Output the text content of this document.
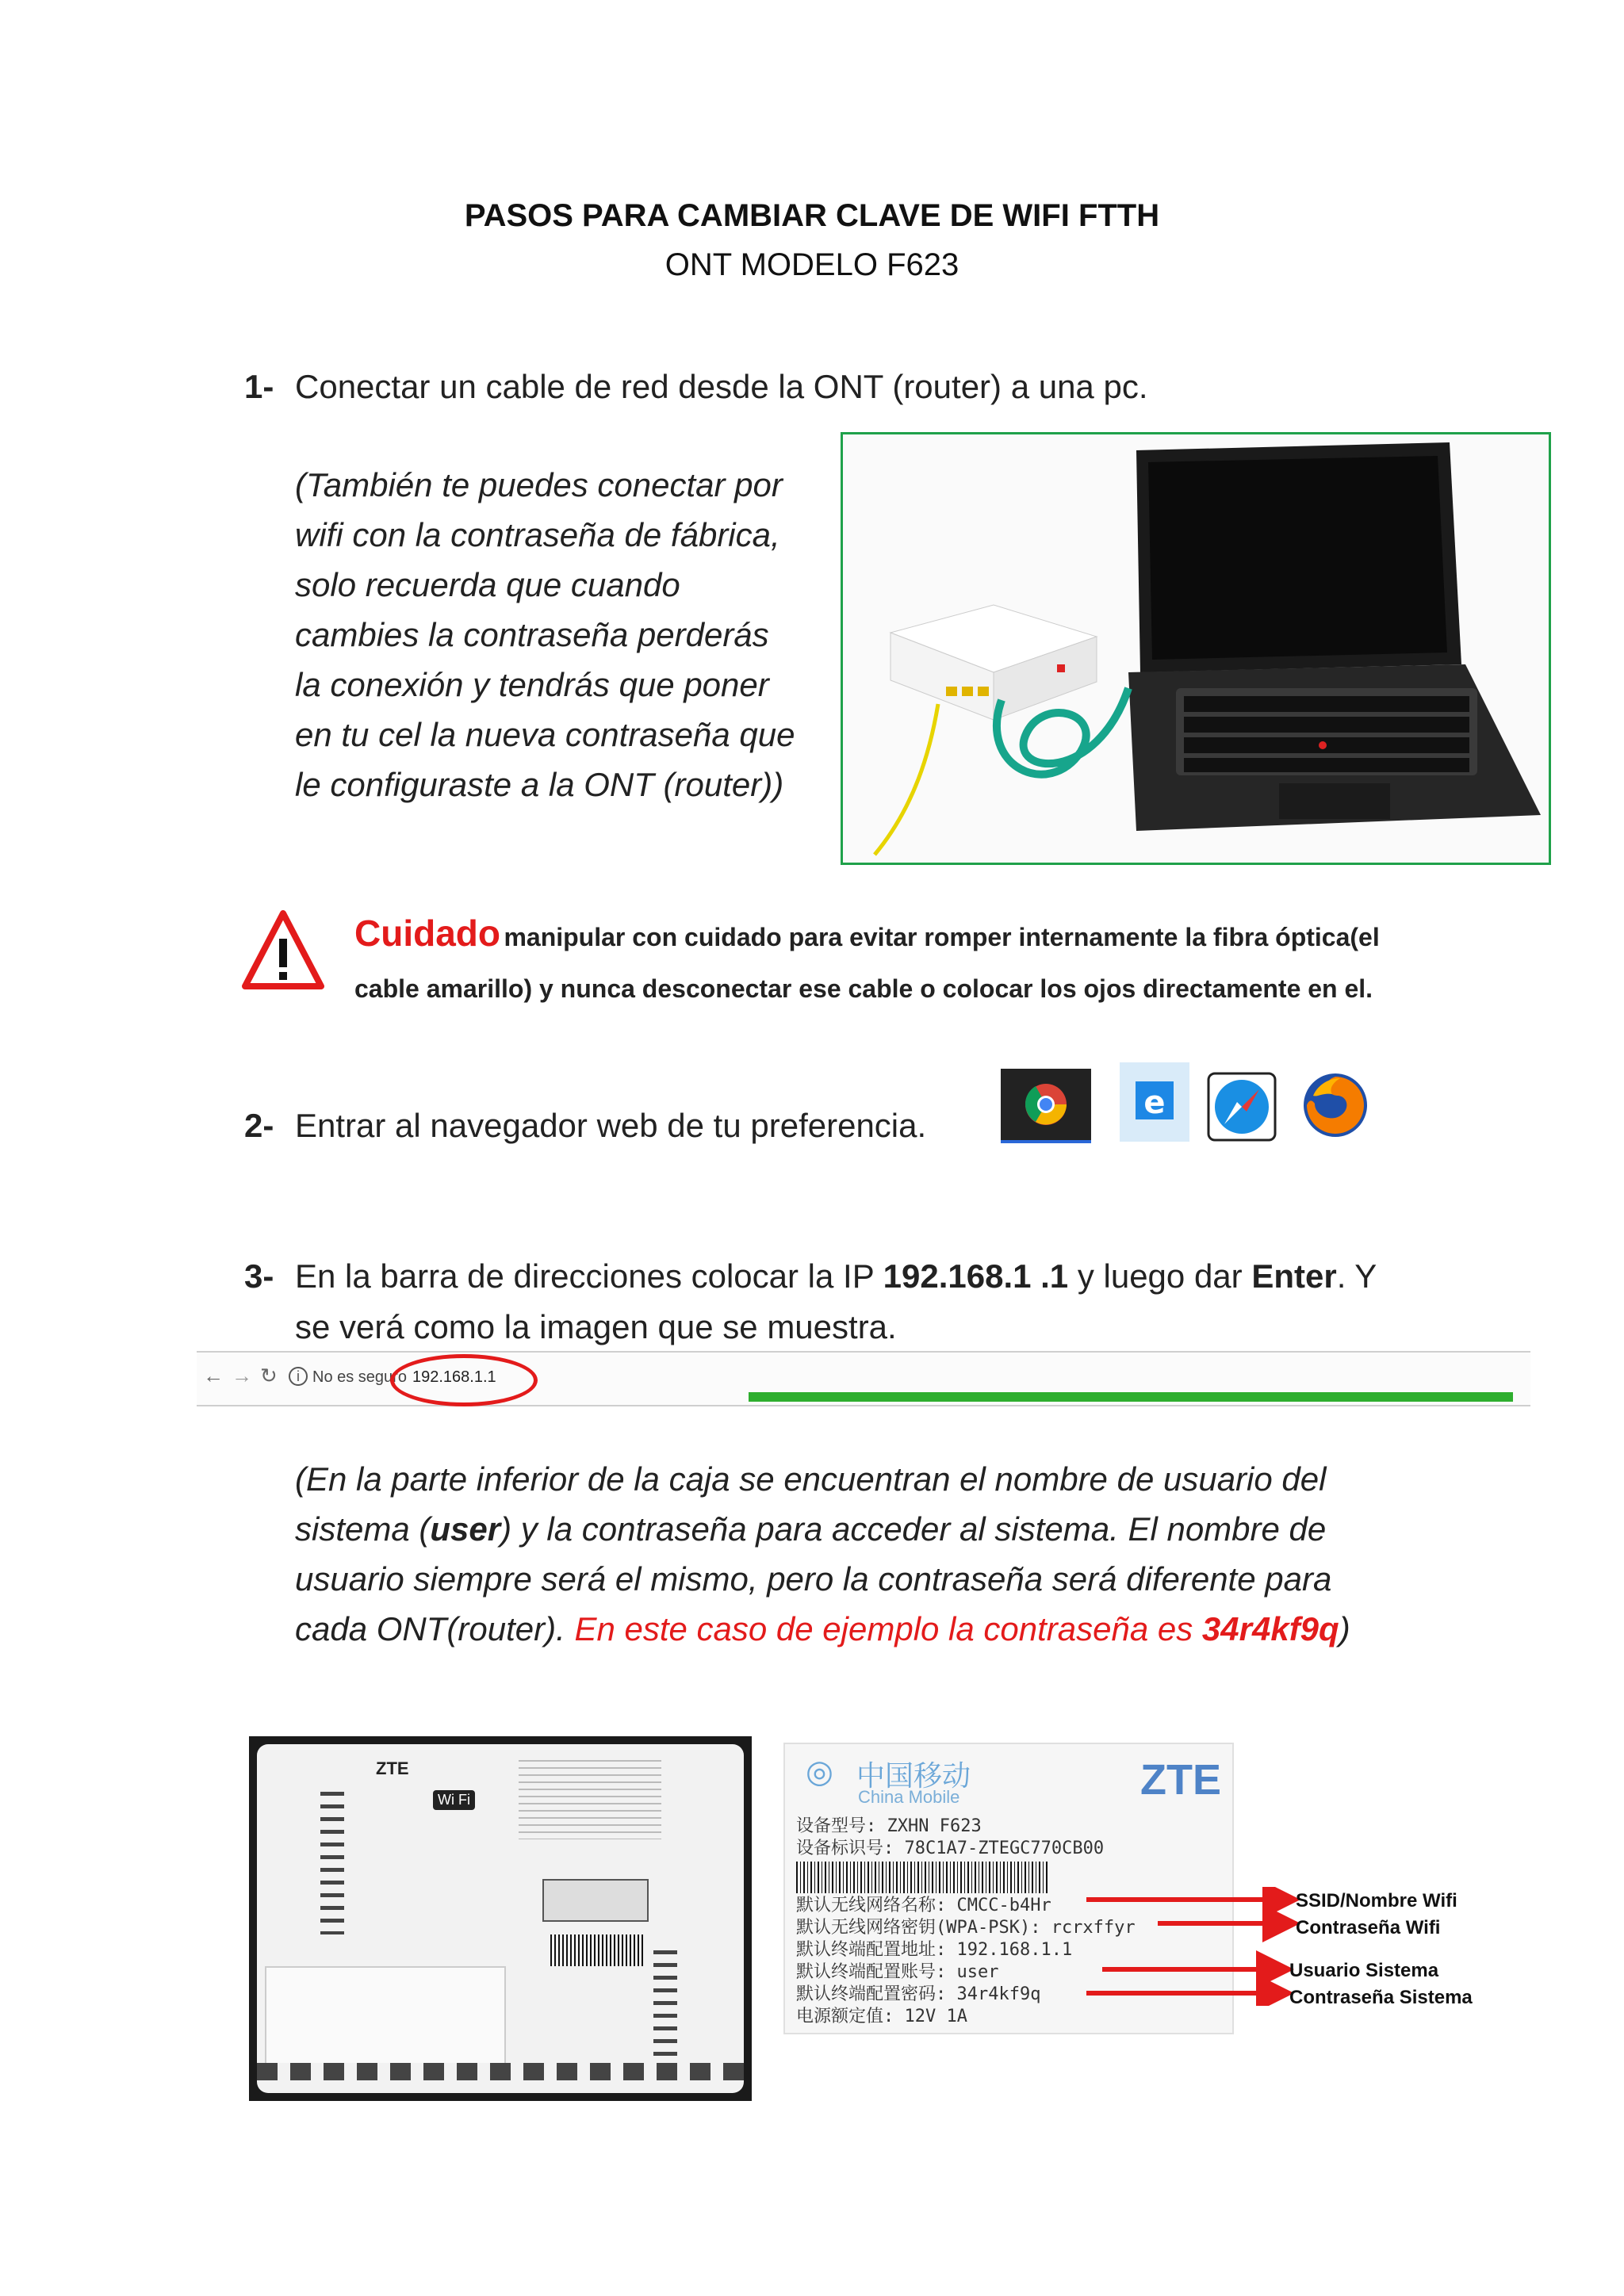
PASOS PARA CAMBIAR CLAVE DE WIFI FTTH
ONT MODELO F623
1- Conectar un cable de red desde la ONT (router) a una pc.
(También te puedes conectar por
wifi con la contraseña de fábrica,
solo recuerda que cuando
cambies la contraseña perderás
la conexión y tendrás que poner
en tu cel la nueva contraseña que
le configuraste a la ONT (router))
Cuidado manipular con cuidado para evitar romper internamente la fibra óptica(el
cable amarillo) y nunca desconectar ese cable o colocar los ojos directamente en el.
2- Entrar al navegador web de tu preferencia.
e
3- En la barra de direcciones colocar la IP 192.168.1 .1 y luego dar Enter. Y
se verá como la imagen que se muestra.
← → ↻	i No es seguro 192.168.1.1
(En la parte inferior de la caja se encuentran el nombre de usuario del
sistema (user) y la contraseña para acceder al sistema. El nombre de
usuario siempre será el mismo, pero la contraseña será diferente para
cada ONT(router). En este caso de ejemplo la contraseña es 34r4kf9q)
ZTE
Wi Fi
◎ 中国移动
China Mobile	ZTE
设备型号: ZXHN F623
设备标识号: 78C1A7-ZTEGC770CB00
默认无线网络名称: CMCC-b4Hr
默认无线网络密钥(WPA-PSK): rcrxffyr
默认终端配置地址: 192.168.1.1
默认终端配置账号: user
默认终端配置密码: 34r4kf9q
电源额定值: 12V 1A
SSID/Nombre Wifi
Contraseña Wifi
Usuario Sistema
Contraseña Sistema
